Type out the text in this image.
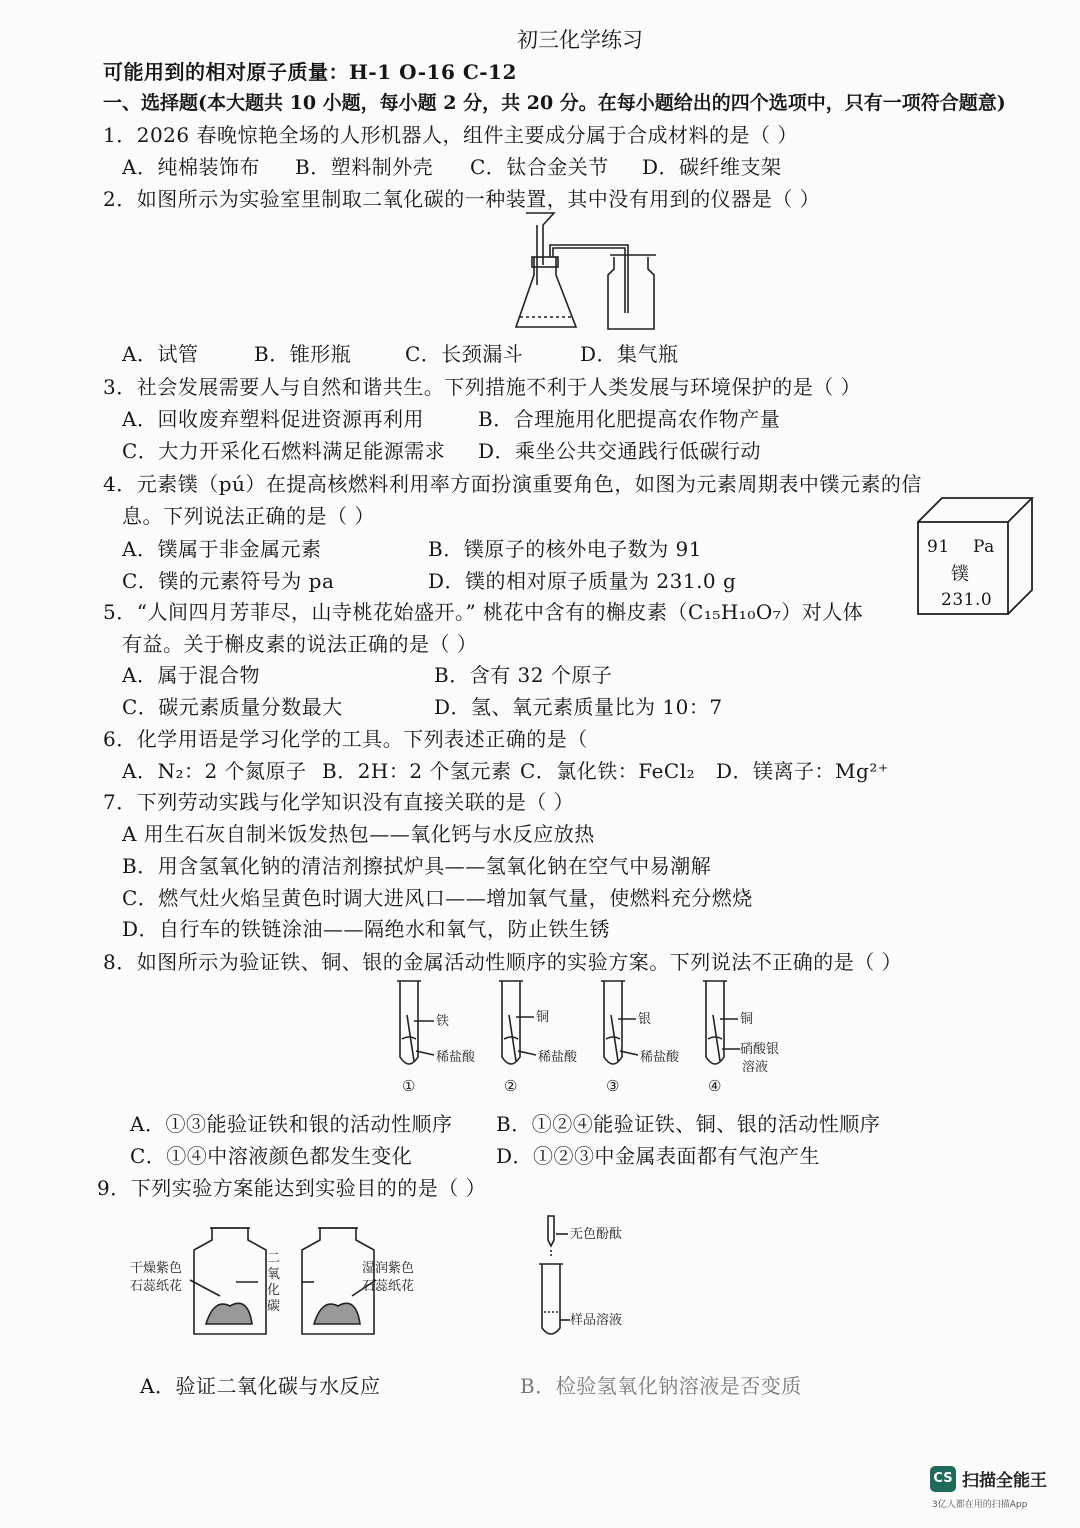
初三化学练习
可能用到的相对原子质量：H-1 O-16 C-12
一、选择题(本大题共 10 小题，每小题 2 分，共 20 分。在每小题给出的四个选项中，只有一项符合题意)
1．2026 春晚惊艳全场的人形机器人，组件主要成分属于合成材料的是（ ）
A．纯棉装饰布 B．塑料制外壳 C．钛合金关节 D．碳纤维支架
2．如图所示为实验室里制取二氧化碳的一种装置，其中没有用到的仪器是（ ）
A．试管	B．锥形瓶	C．长颈漏斗	D．集气瓶
3．社会发展需要人与自然和谐共生。下列措施不利于人类发展与环境保护的是（ ）
A．回收废弃塑料促进资源再利用	B．合理施用化肥提高农作物产量
C．大力开采化石燃料满足能源需求 D．乘坐公共交通践行低碳行动
4．元素镤（pú）在提高核燃料利用率方面扮演重要角色，如图为元素周期表中镤元素的信
息。下列说法正确的是（ ）
A．镤属于非金属元素	B．镤原子的核外电子数为 91
C．镤的元素符号为 pa	D．镤的相对原子质量为 231.0 g
91 Pa
镤
231.0
5．“人间四月芳菲尽，山寺桃花始盛开。” 桃花中含有的槲皮素（C₁₅H₁₀O₇）对人体
有益。关于槲皮素的说法正确的是（ ）
A．属于混合物	B．含有 32 个原子
C．碳元素质量分数最大	D．氢、氧元素质量比为 10：7
6．化学用语是学习化学的工具。下列表述正确的是（
A．N₂：2 个氮原子 B．2H：2 个氢元素 C．氯化铁：FeCl₂ D．镁离子：Mg²⁺
7．下列劳动实践与化学知识没有直接关联的是（ ）
A 用生石灰自制米饭发热包——氧化钙与水反应放热
B．用含氢氧化钠的清洁剂擦拭炉具——氢氧化钠在空气中易潮解
C．燃气灶火焰呈黄色时调大进风口——增加氧气量，使燃料充分燃烧
D．自行车的铁链涂油——隔绝水和氧气，防止铁生锈
8．如图所示为验证铁、铜、银的金属活动性顺序的实验方案。下列说法不正确的是（ ）
铁
稀盐酸
①
铜
稀盐酸
②
银
稀盐酸
③
铜
硝酸银
溶液
④
A．①③能验证铁和银的活动性顺序 B．①②④能验证铁、铜、银的活动性顺序
C．①④中溶液颜色都发生变化	D．①②③中金属表面都有气泡产生
9．下列实验方案能达到实验目的的是（ ）
干燥紫色
石蕊纸花
二
氧
化
碳
湿润紫色
石蕊纸花
无色酚酞
样品溶液
A．验证二氧化碳与水反应	B．检验氢氧化钠溶液是否变质
CS 扫描全能王
3亿人都在用的扫描App
